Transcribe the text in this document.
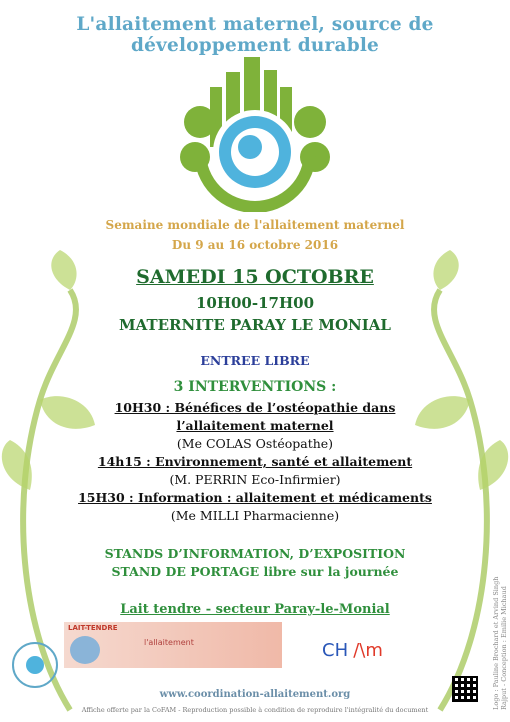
L'allaitement maternel, source de développement durable
Semaine mondiale de l'allaitement maternel
Du 9 au 16 octobre 2016
SAMEDI 15 OCTOBRE
10H00-17H00
MATERNITE PARAY LE MONIAL
ENTREE LIBRE
3 INTERVENTIONS :
10H30 : Bénéfices de l’ostéopathie dans
l’allaitement maternel
(Me COLAS Ostéopathe)
14h15 : Environnement, santé et allaitement
(M. PERRIN Eco-Infirmier)
15H30 : Information : allaitement et médicaments
(Me MILLI Pharmacienne)
STANDS D’INFORMATION, D’EXPOSITION
STAND DE PORTAGE libre sur la journée
Lait tendre - secteur Paray-le-Monial
LAIT-TENDRE
l'allaitement	CH /\m
www.coordination-allaitement.org
Affiche offerte par la CoFAM - Reproduction possible à condition de reproduire l'intégralité du document	Logo : Pauline Brochard et Arvind Singh Rajput - Conception : Emilie Michaud
